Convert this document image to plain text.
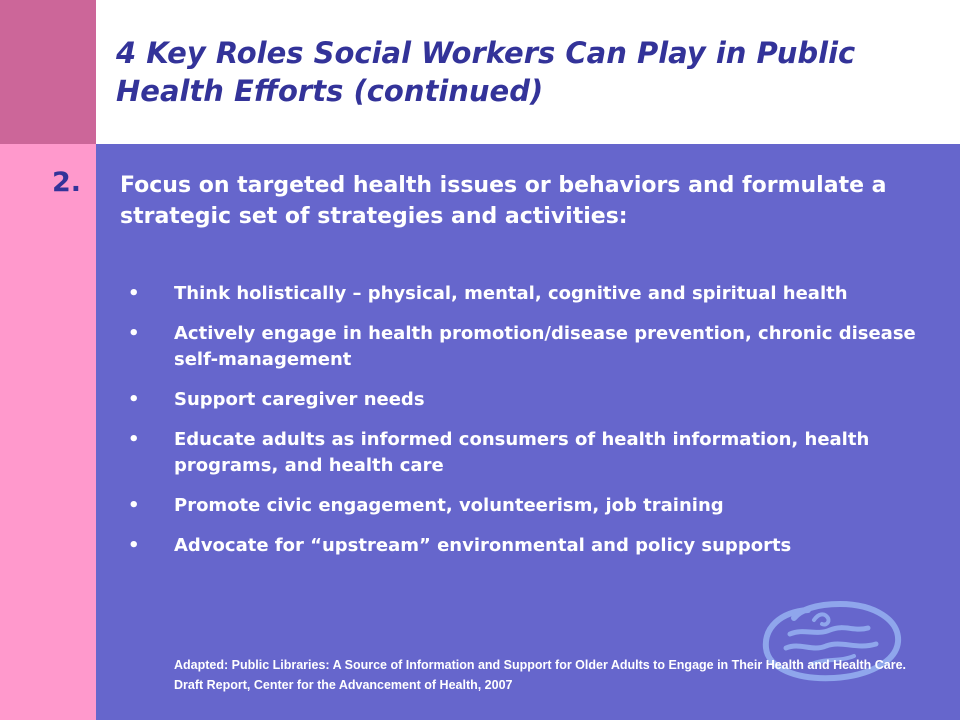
4 Key Roles Social Workers Can Play in Public Health Efforts (continued)
2. Focus on targeted health issues or behaviors and formulate a strategic set of strategies and activities:

• Think holistically – physical, mental, cognitive and spiritual health
• Actively engage in health promotion/disease prevention, chronic disease self-management
• Support caregiver needs
• Educate adults as informed consumers of health information, health programs, and health care
• Promote civic engagement, volunteerism, job training
• Advocate for “upstream” environmental and policy supports

Adapted: Public Libraries: A Source of Information and Support for Older Adults to Engage in Their Health and Health Care. Draft Report, Center for the Advancement of Health, 2007
